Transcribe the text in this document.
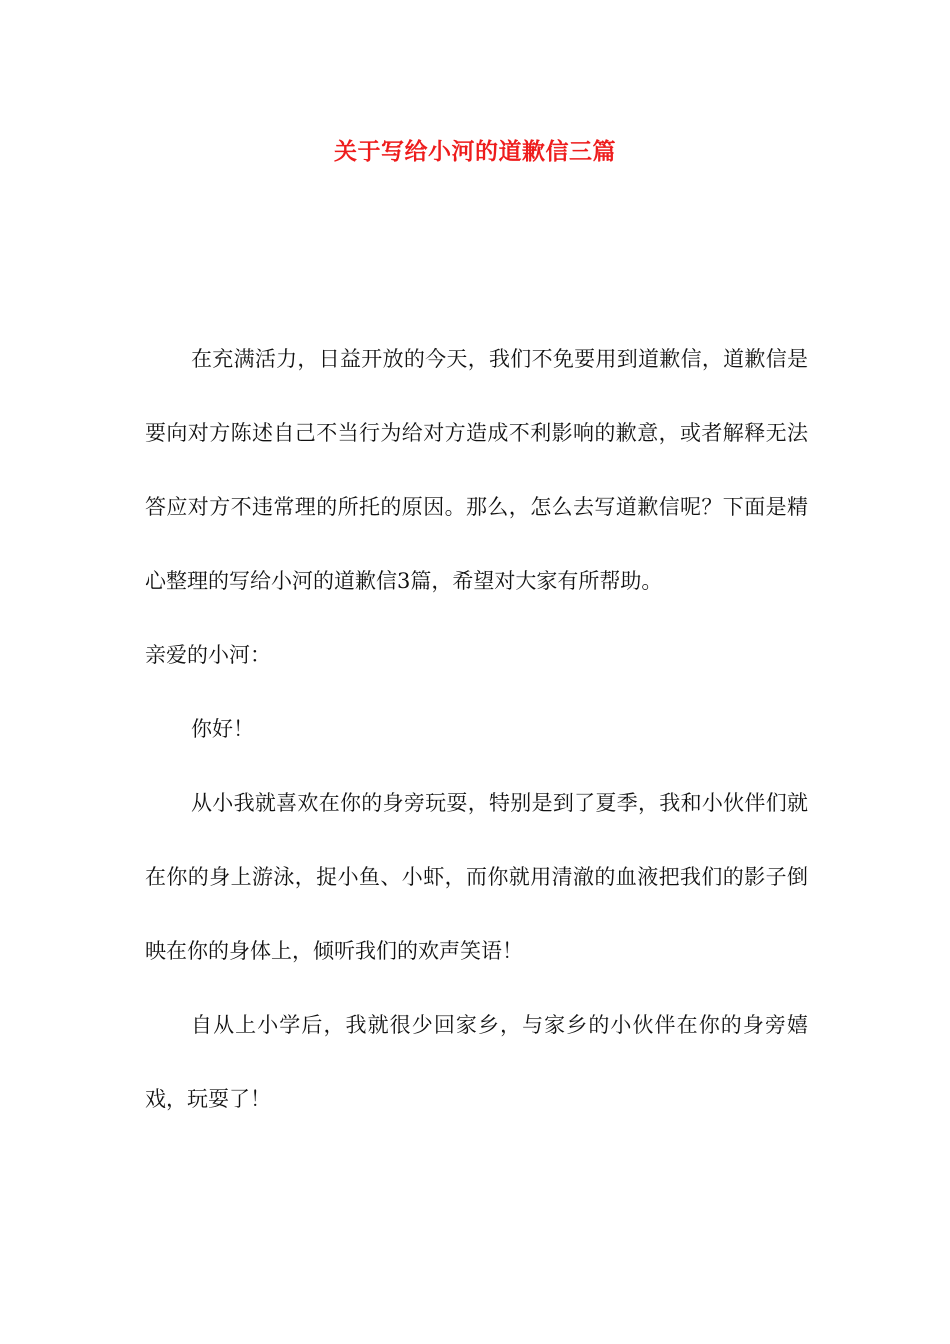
关于写给小河的道歉信三篇

在充满活力，日益开放的今天，我们不免要用到道歉信，道歉信是要向对方陈述自己不当行为给对方造成不利影响的歉意，或者解释无法答应对方不违常理的所托的原因。那么，怎么去写道歉信呢？下面是精心整理的写给小河的道歉信3篇，希望对大家有所帮助。

亲爱的小河：

你好！

从小我就喜欢在你的身旁玩耍，特别是到了夏季，我和小伙伴们就在你的身上游泳，捉小鱼、小虾，而你就用清澈的血液把我们的影子倒映在你的身体上，倾听我们的欢声笑语！

自从上小学后，我就很少回家乡，与家乡的小伙伴在你的身旁嬉戏，玩耍了！
